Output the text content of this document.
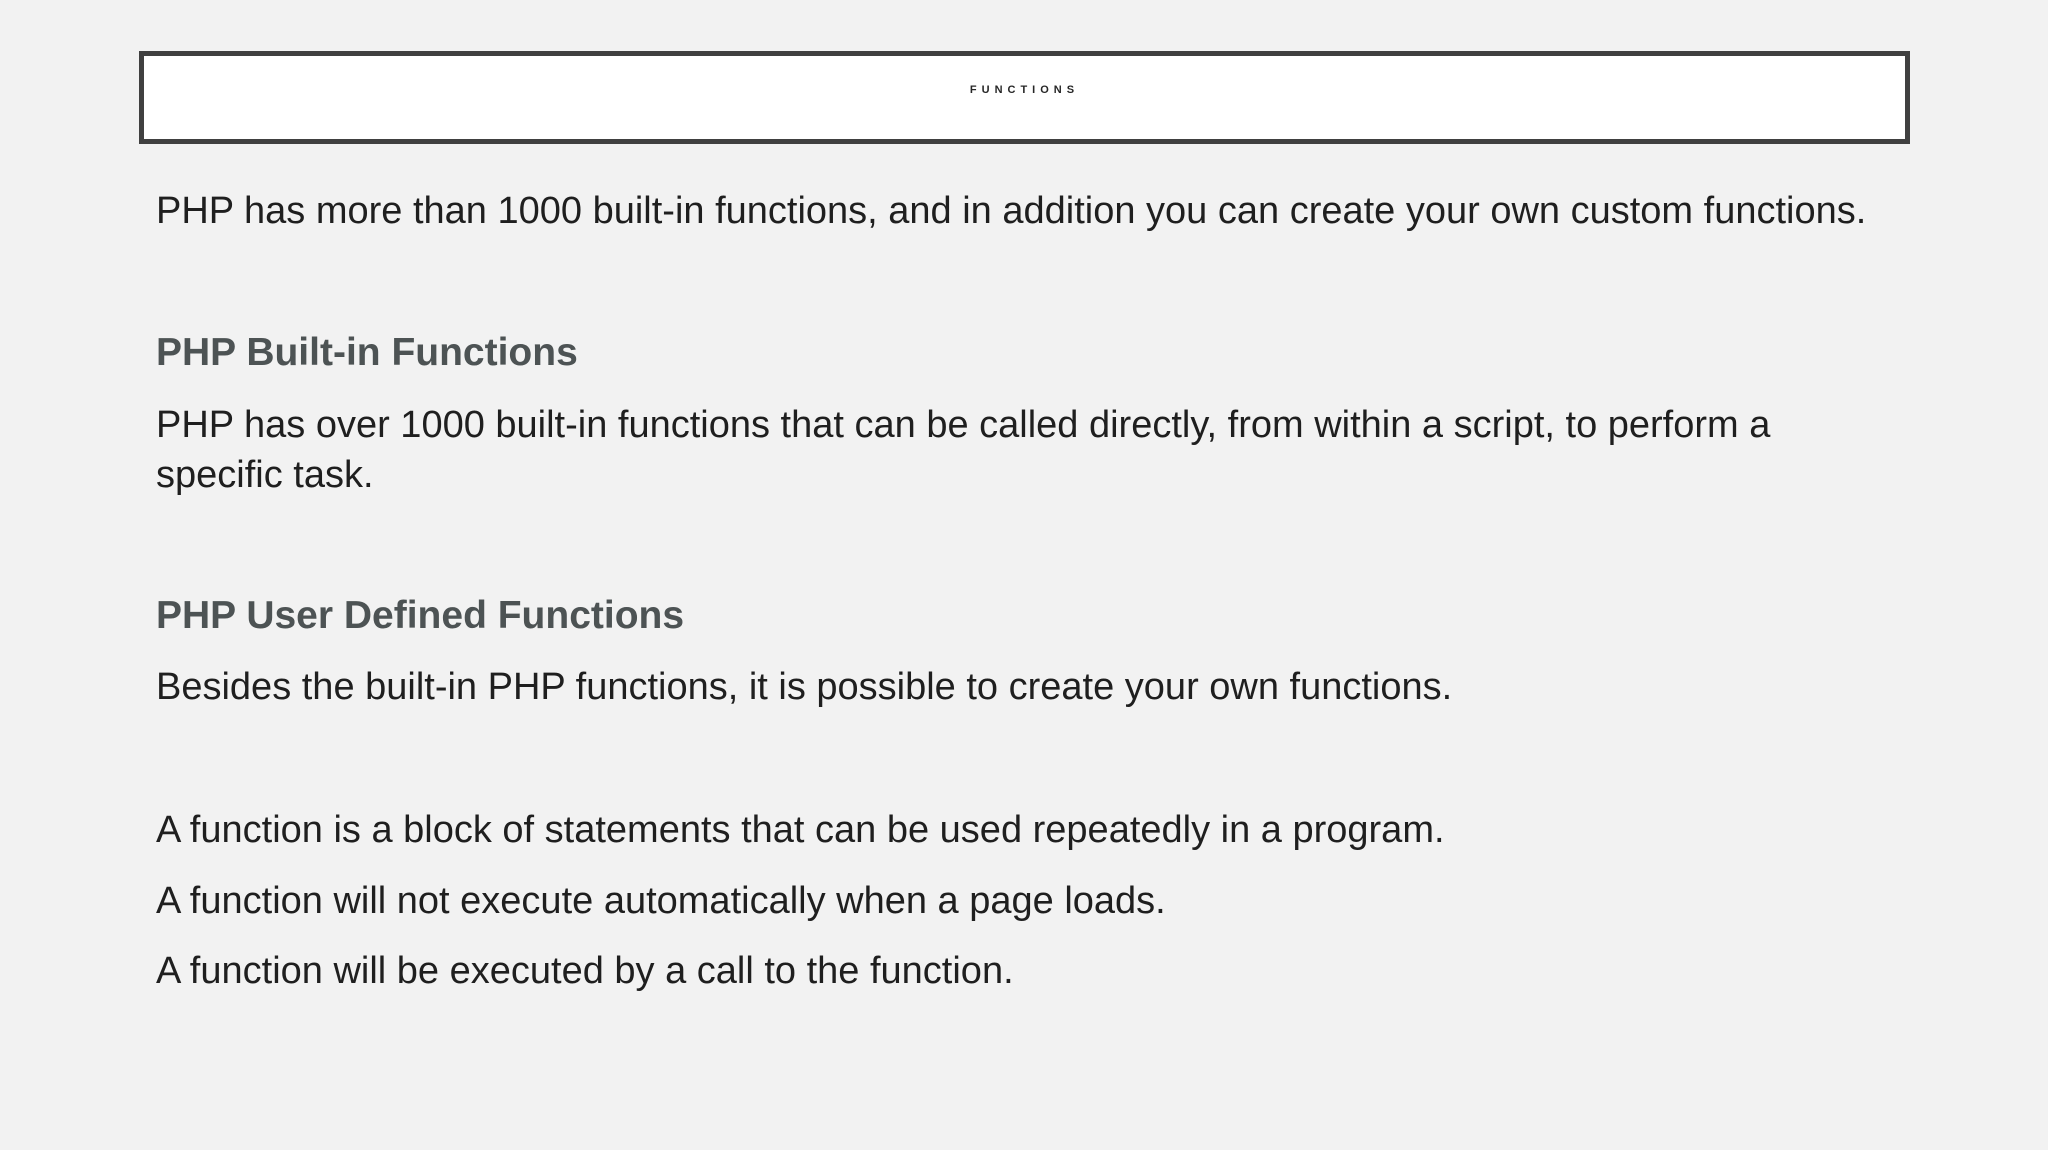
FUNCTIONS

PHP has more than 1000 built-in functions, and in addition you can create your own custom functions.

PHP Built-in Functions

PHP has over 1000 built-in functions that can be called directly, from within a script, to perform a specific task.

PHP User Defined Functions

Besides the built-in PHP functions, it is possible to create your own functions.

A function is a block of statements that can be used repeatedly in a program.

A function will not execute automatically when a page loads.

A function will be executed by a call to the function.
